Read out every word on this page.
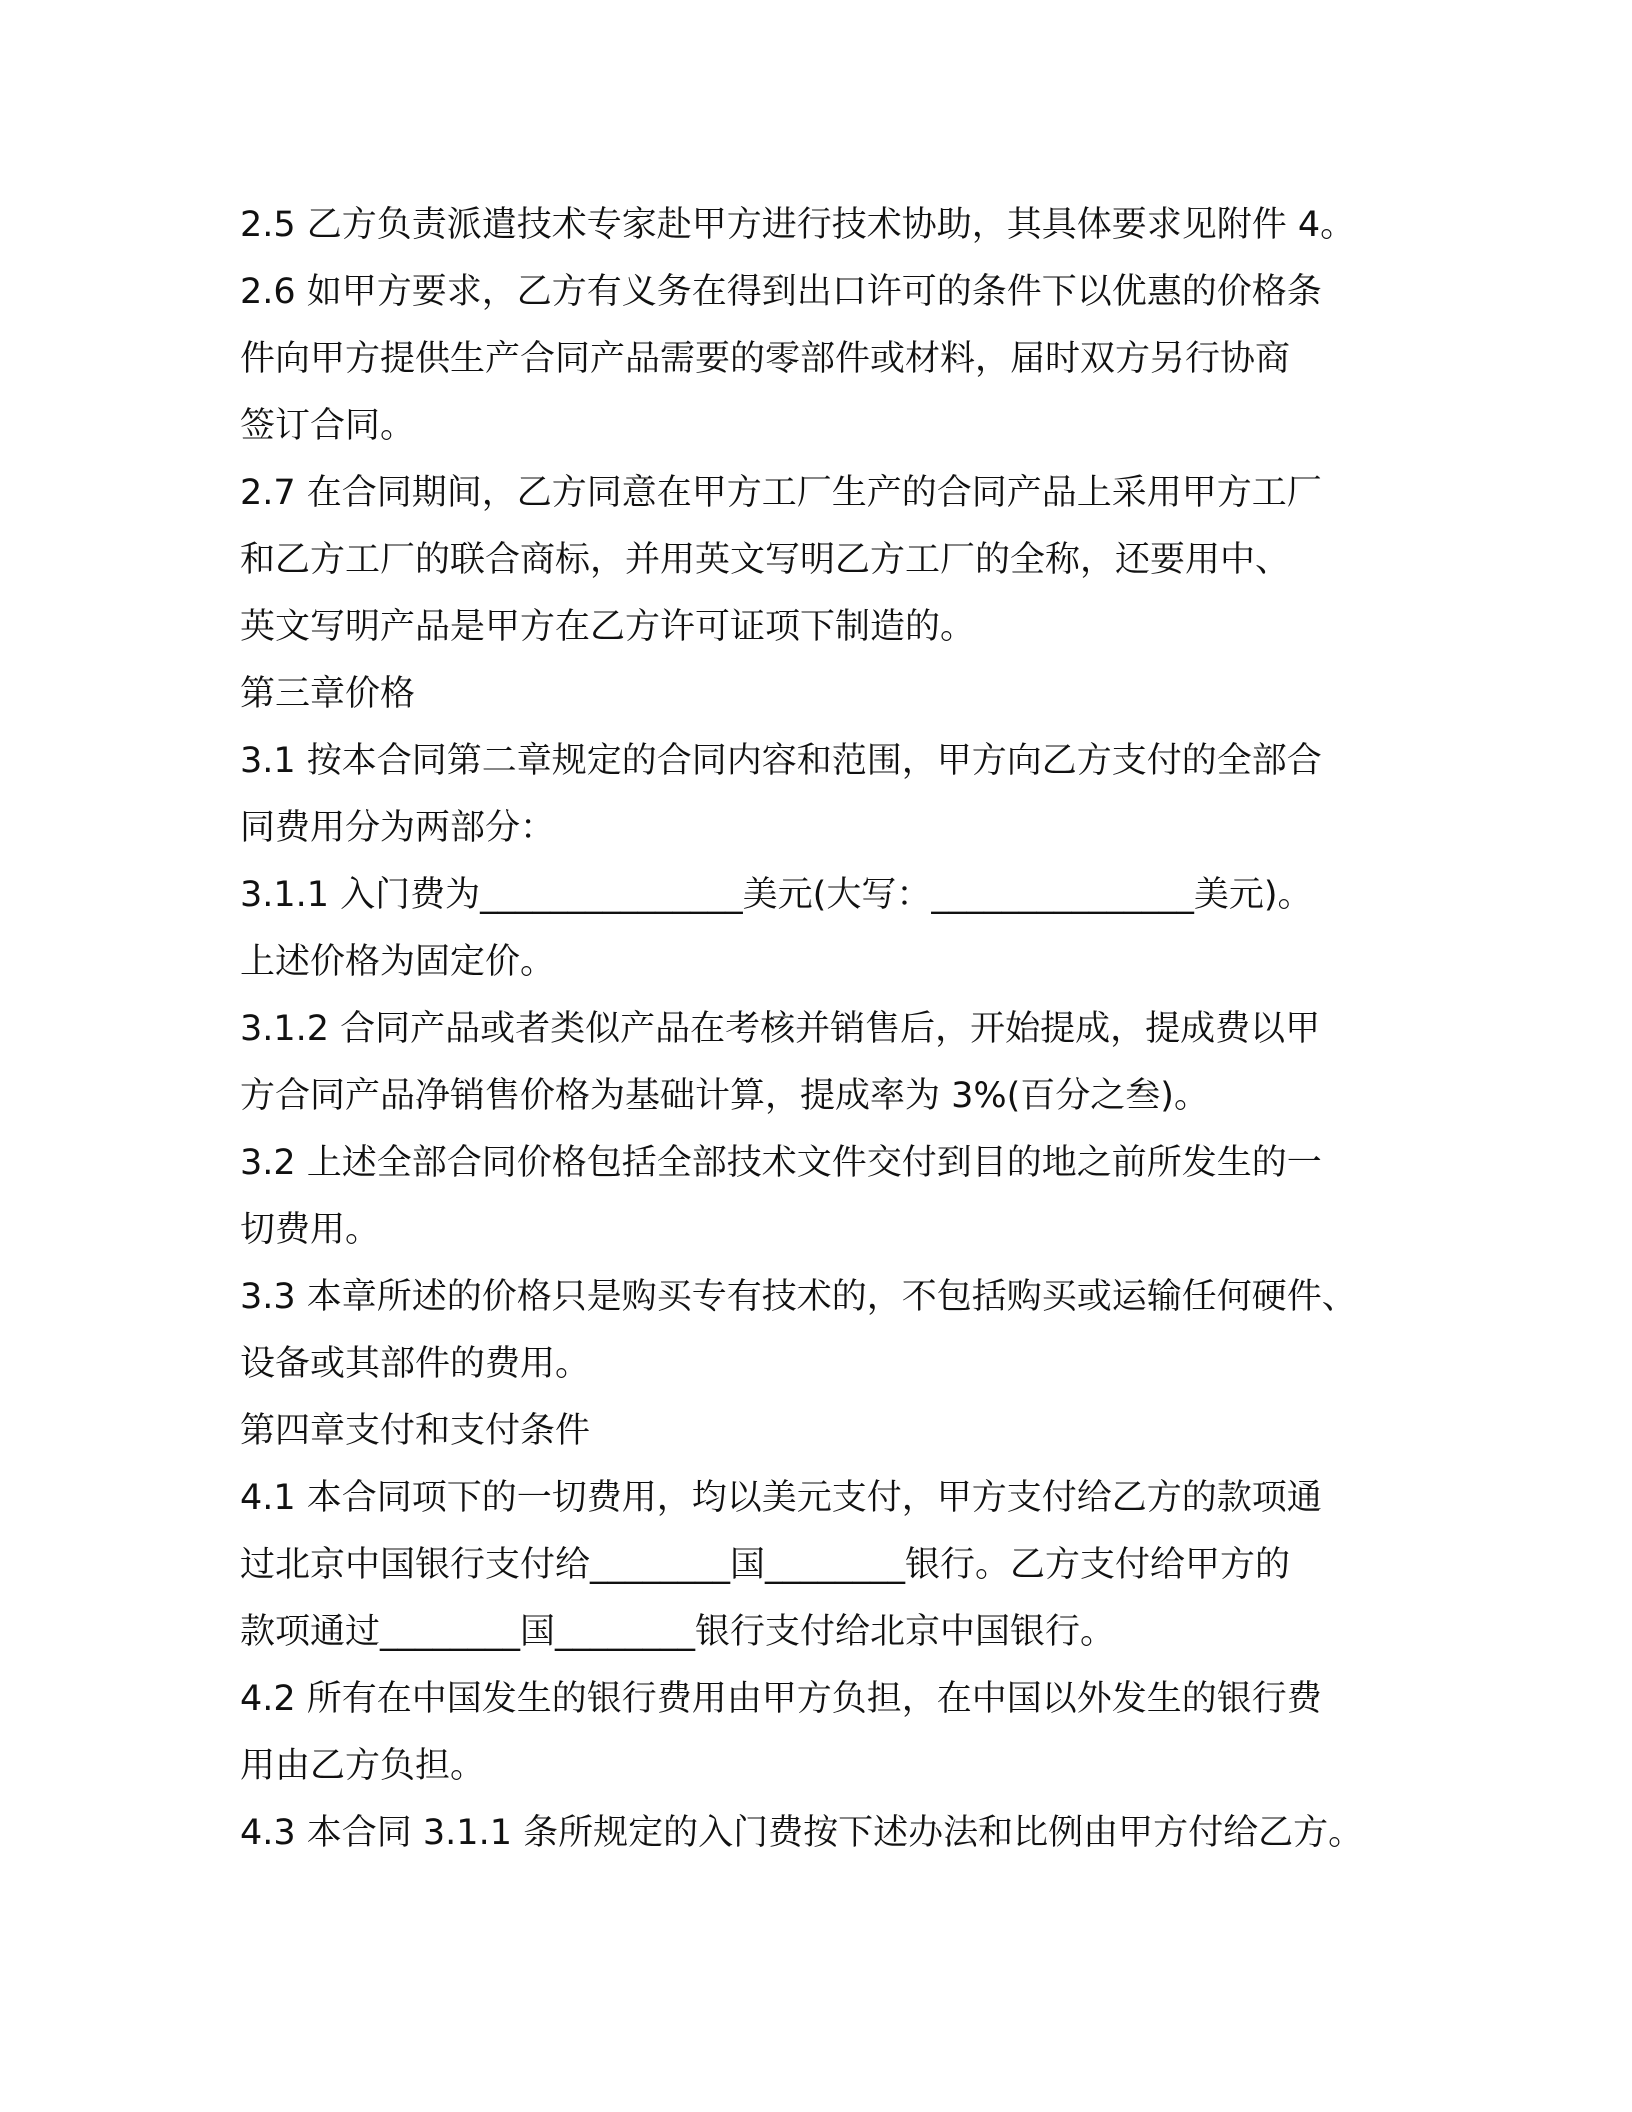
2.5 乙方负责派遣技术专家赴甲方进行技术协助，其具体要求见附件 4。
2.6 如甲方要求，乙方有义务在得到出口许可的条件下以优惠的价格条
件向甲方提供生产合同产品需要的零部件或材料，届时双方另行协商
签订合同。
2.7 在合同期间，乙方同意在甲方工厂生产的合同产品上采用甲方工厂
和乙方工厂的联合商标，并用英文写明乙方工厂的全称，还要用中、
英文写明产品是甲方在乙方许可证项下制造的。
第三章价格
3.1 按本合同第二章规定的合同内容和范围，甲方向乙方支付的全部合
同费用分为两部分：
3.1.1 入门费为_______________美元(大写：_______________美元)。
上述价格为固定价。
3.1.2 合同产品或者类似产品在考核并销售后，开始提成，提成费以甲
方合同产品净销售价格为基础计算，提成率为 3%(百分之叁)。
3.2 上述全部合同价格包括全部技术文件交付到目的地之前所发生的一
切费用。
3.3 本章所述的价格只是购买专有技术的，不包括购买或运输任何硬件、
设备或其部件的费用。
第四章支付和支付条件
4.1 本合同项下的一切费用，均以美元支付，甲方支付给乙方的款项通
过北京中国银行支付给________国________银行。乙方支付给甲方的
款项通过________国________银行支付给北京中国银行。
4.2 所有在中国发生的银行费用由甲方负担，在中国以外发生的银行费
用由乙方负担。
4.3 本合同 3.1.1 条所规定的入门费按下述办法和比例由甲方付给乙方。
